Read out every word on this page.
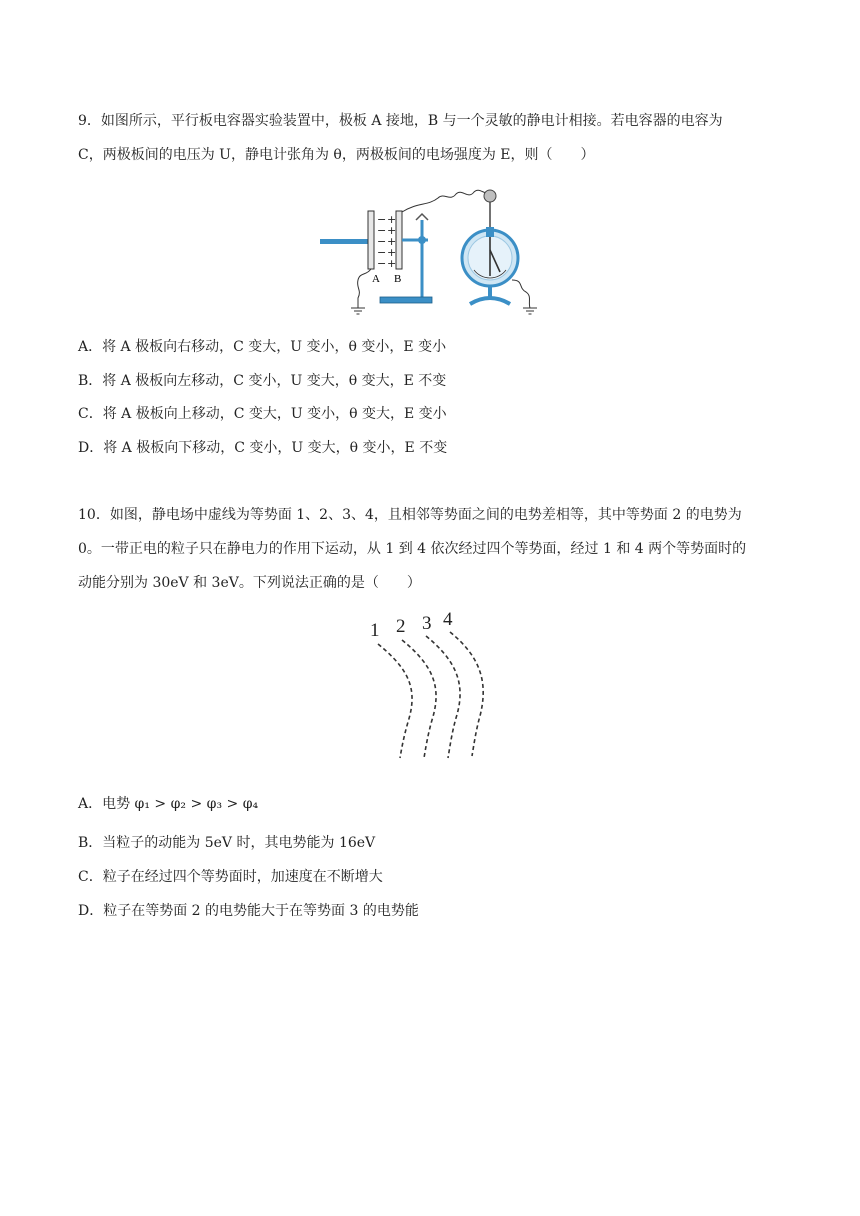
9．如图所示，平行板电容器实验装置中，极板 A 接地，B 与一个灵敏的静电计相接。若电容器的电容为
C，两极板间的电压为 U，静电计张角为 θ，两极板间的电场强度为 E，则（　　）
− +
− +
− +
− +
− +
A B
A．将 A 极板向右移动，C 变大，U 变小，θ 变小，E 变小
B．将 A 极板向左移动，C 变小，U 变大，θ 变大，E 不变
C．将 A 极板向上移动，C 变大，U 变小，θ 变大，E 变小
D．将 A 极板向下移动，C 变小，U 变大，θ 变小，E 不变
10．如图，静电场中虚线为等势面 1、2、3、4，且相邻等势面之间的电势差相等，其中等势面 2 的电势为
0。一带正电的粒子只在静电力的作用下运动，从 1 到 4 依次经过四个等势面，经过 1 和 4 两个等势面时的
动能分别为 30eV 和 3eV。下列说法正确的是（　　）
1 2 3 4
A．电势 φ₁ > φ₂ > φ₃ > φ₄
B．当粒子的动能为 5eV 时，其电势能为 16eV
C．粒子在经过四个等势面时，加速度在不断增大
D．粒子在等势面 2 的电势能大于在等势面 3 的电势能
